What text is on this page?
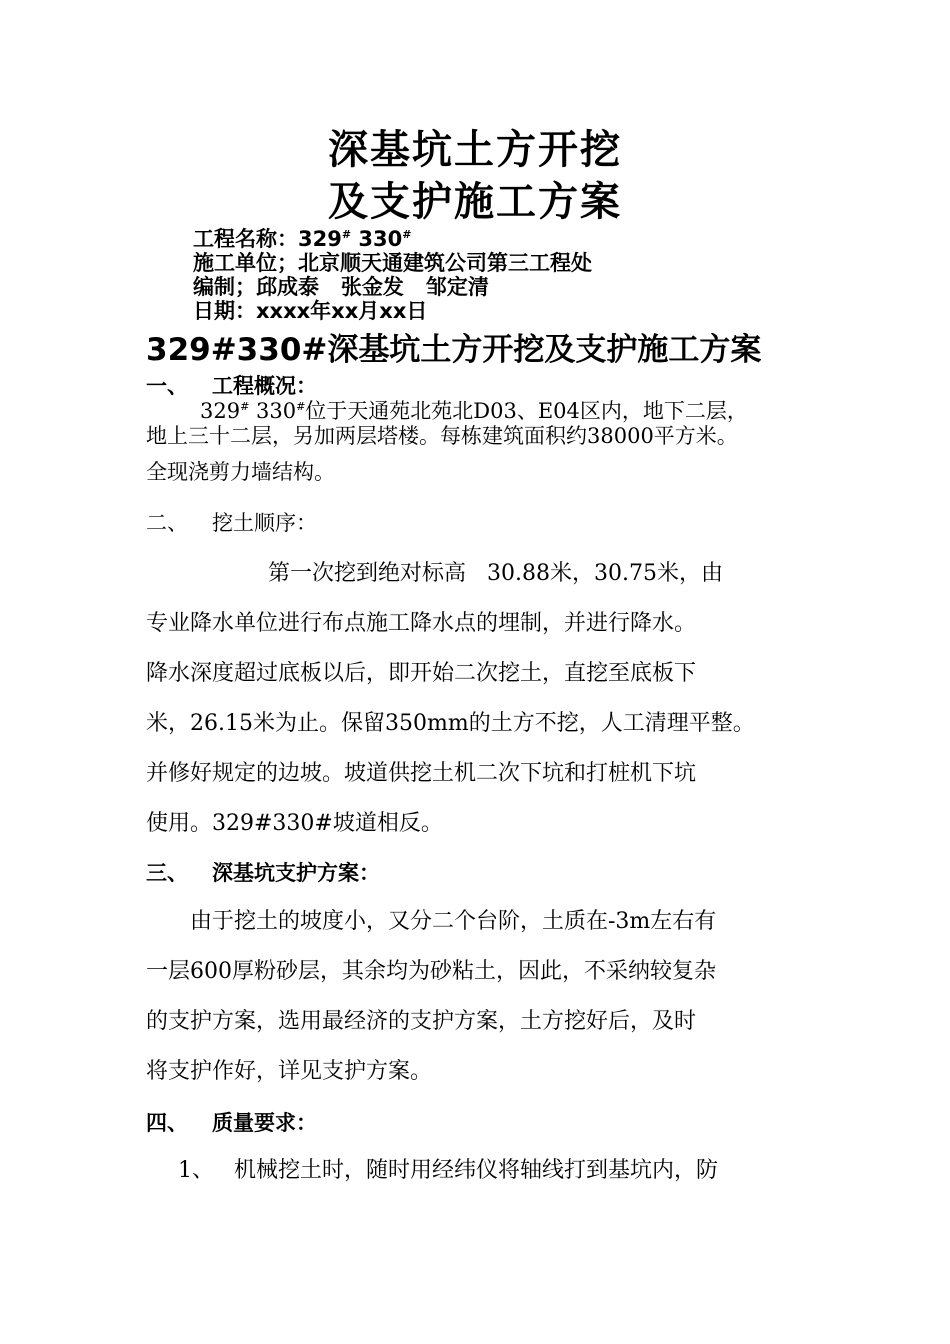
深基坑土方开挖
及支护施工方案
工程名称：329# 330#
施工单位；北京顺天通建筑公司第三工程处
编制；邱成泰   张金发   邹定清
日期：xxxx年xx月xx日
329#330#深基坑土方开挖及支护施工方案
一、 工程概况：
329# 330#位于天通苑北苑北D03、E04区内，地下二层，
地上三十二层，另加两层塔楼。每栋建筑面积约38000平方米。
全现浇剪力墙结构。
二、 挖土顺序：
第一次挖到绝对标高   30.88米，30.75米，由
专业降水单位进行布点施工降水点的埋制，并进行降水。
降水深度超过底板以后，即开始二次挖土，直挖至底板下
米，26.15米为止。保留350mm的土方不挖，人工清理平整。
并修好规定的边坡。坡道供挖土机二次下坑和打桩机下坑
使用。329#330#坡道相反。
三、 深基坑支护方案：
由于挖土的坡度小，又分二个台阶，土质在-3m左右有
一层600厚粉砂层，其余均为砂粘土，因此，不采纳较复杂
的支护方案，选用最经济的支护方案，土方挖好后，及时
将支护作好，详见支护方案。
四、 质量要求：
1、 机械挖土时，随时用经纬仪将轴线打到基坑内，防
